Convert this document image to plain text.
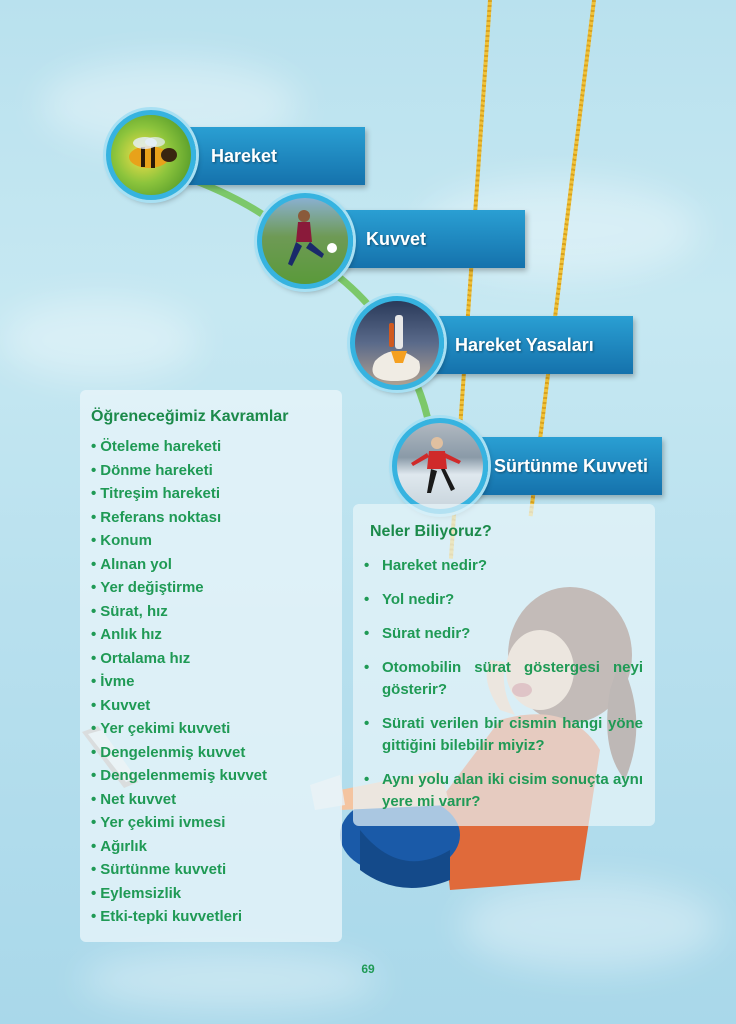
Hareket
Kuvvet
Hareket Yasaları
Sürtünme Kuvveti
Öğreneceğimiz Kavramlar
• Öteleme hareketi
• Dönme hareketi
• Titreşim hareketi
• Referans noktası
• Konum
• Alınan yol
• Yer değiştirme
• Sürat, hız
• Anlık hız
• Ortalama hız
• İvme
• Kuvvet
• Yer çekimi kuvveti
• Dengelenmiş kuvvet
• Dengelenmemiş kuvvet
• Net kuvvet
• Yer çekimi ivmesi
• Ağırlık
• Sürtünme kuvveti
• Eylemsizlik
• Etki-tepki kuvvetleri
Neler Biliyoruz?
• Hareket nedir?
• Yol nedir?
• Sürat nedir?
• Otomobilin sürat göstergesi neyi gösterir?
• Sürati verilen bir cismin hangi yöne gittiğini bilebilir miyiz?
• Aynı yolu alan iki cisim sonuçta aynı yere mi varır?
69
